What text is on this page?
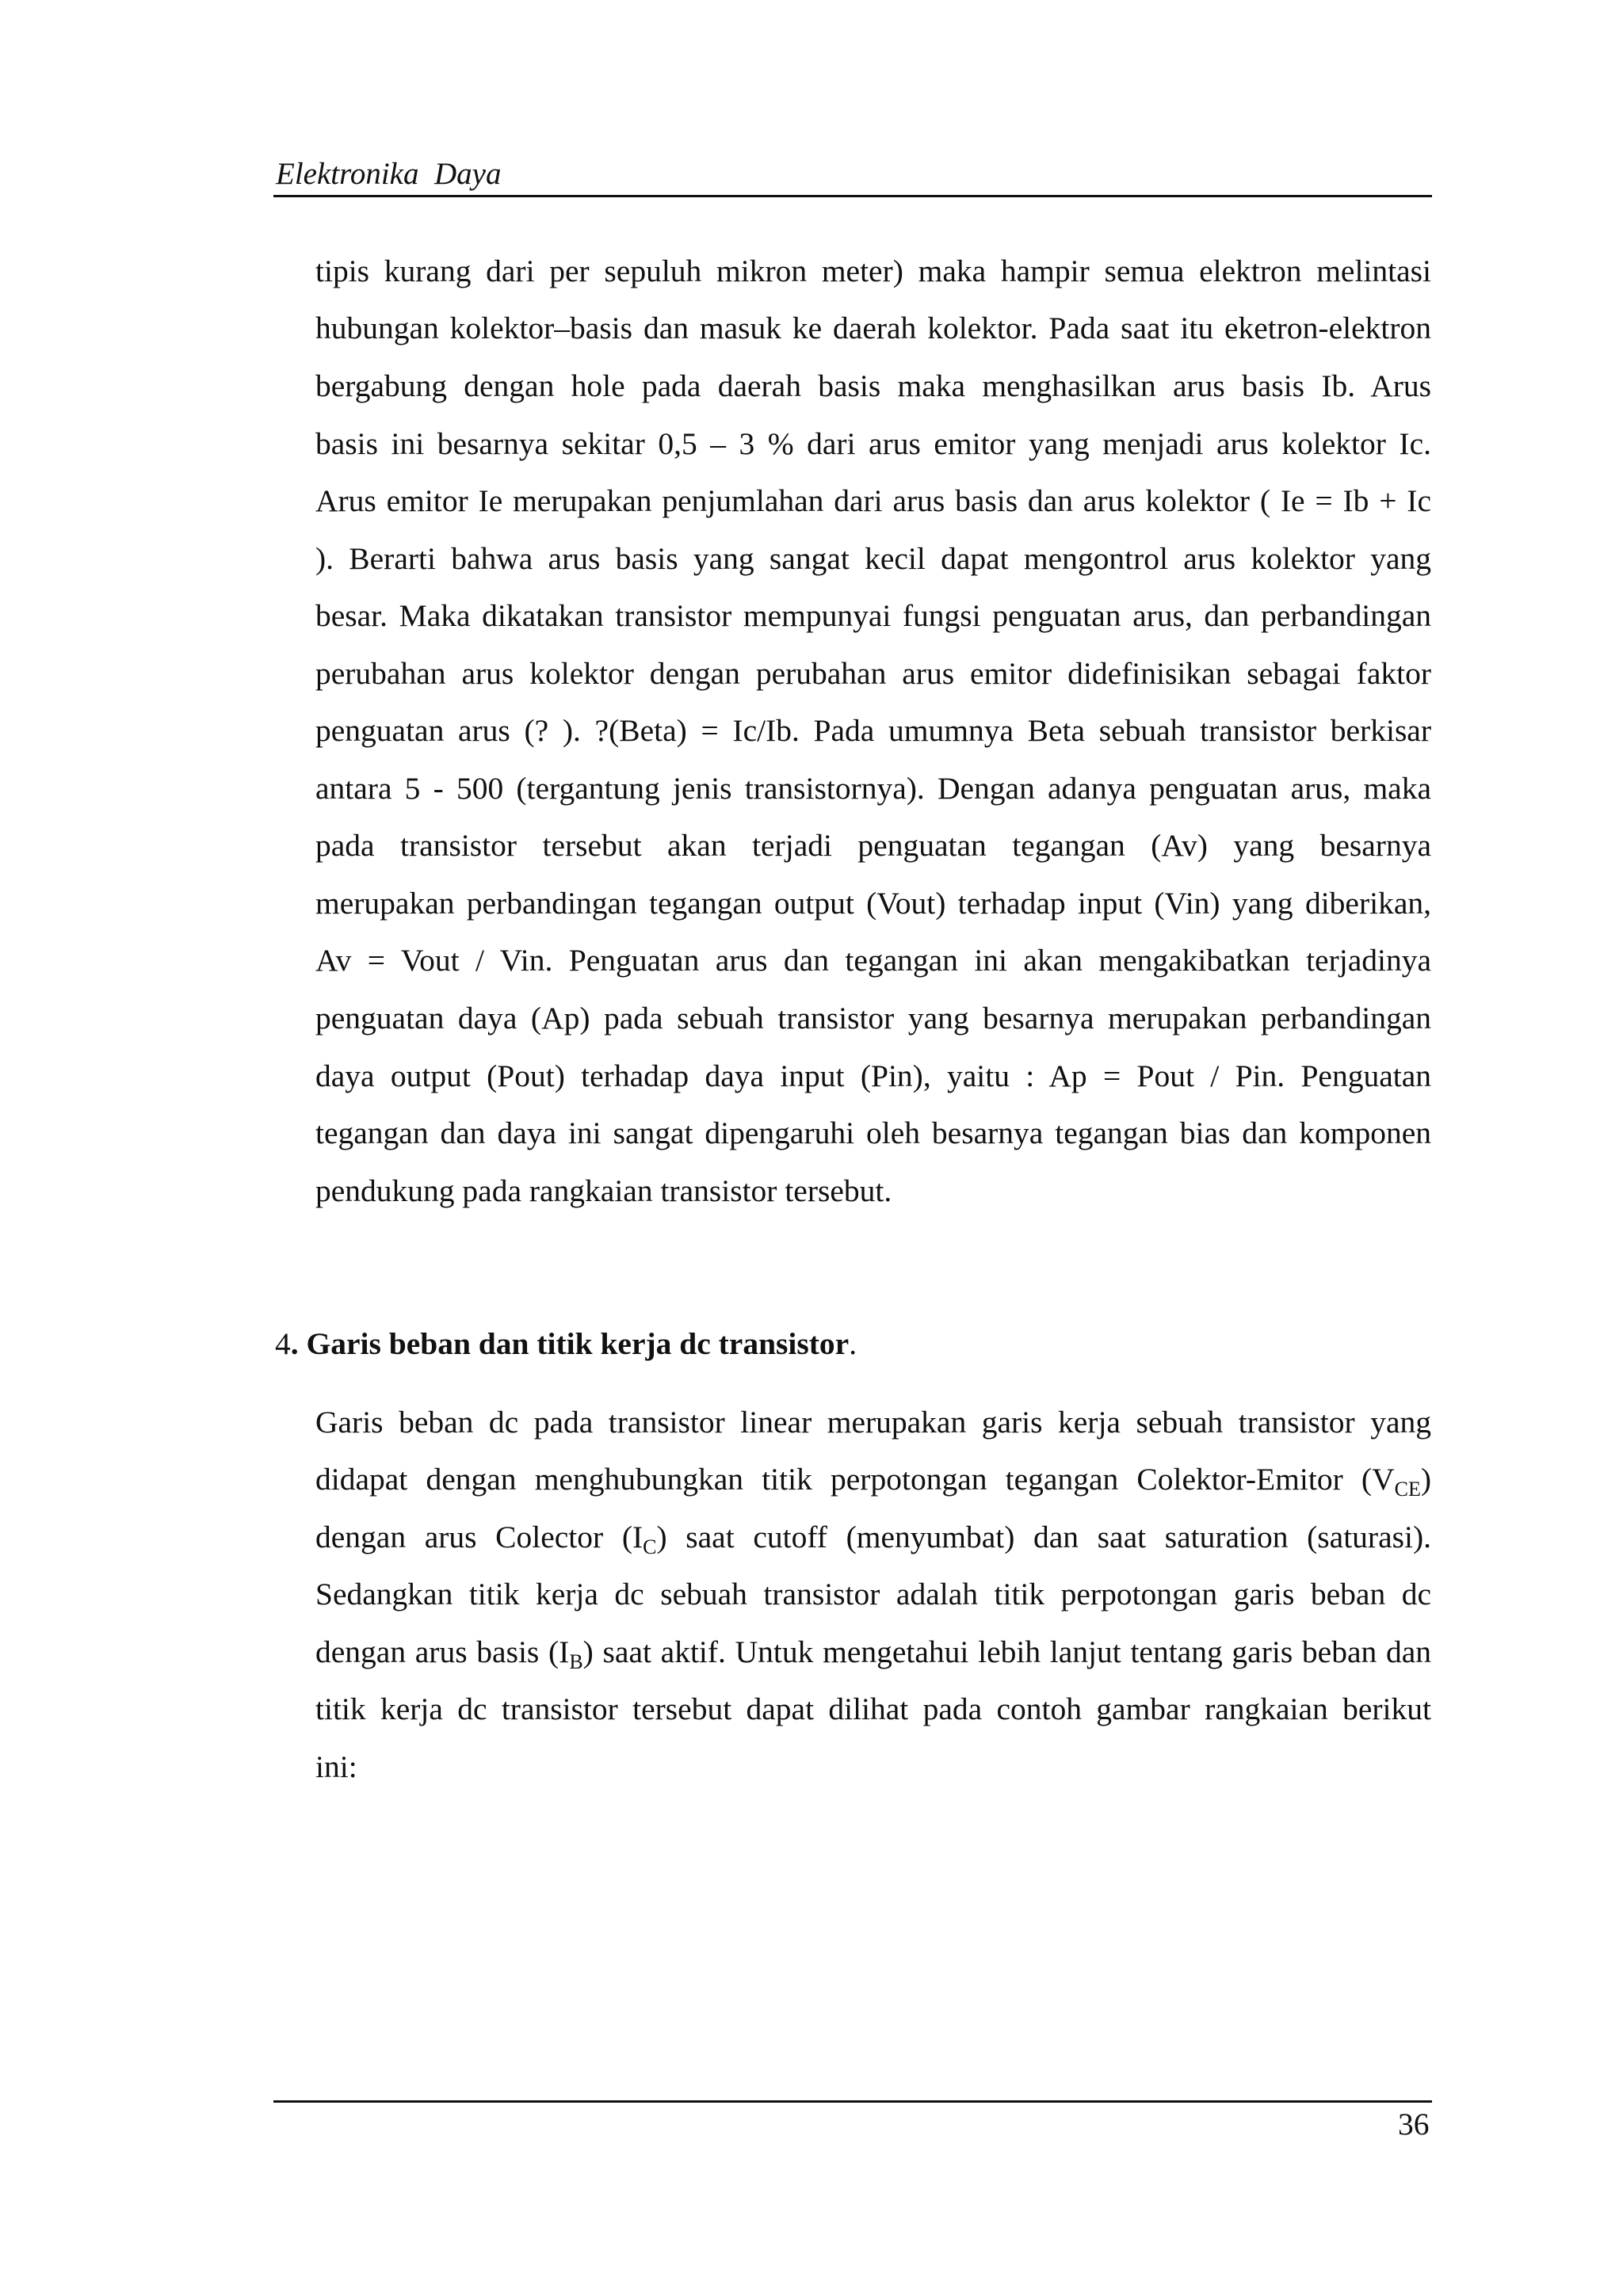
Elektronika  Daya
tipis kurang dari per sepuluh mikron meter) maka hampir semua elektron melintasi
hubungan kolektor–basis dan masuk ke daerah kolektor. Pada saat itu eketron-elektron
bergabung dengan hole pada daerah basis maka menghasilkan arus basis Ib. Arus
basis ini besarnya sekitar 0,5 – 3 % dari arus emitor yang menjadi arus kolektor Ic.
Arus emitor Ie merupakan penjumlahan dari arus basis dan arus kolektor ( Ie = Ib + Ic
). Berarti bahwa arus basis yang sangat kecil dapat mengontrol arus kolektor yang
besar. Maka dikatakan transistor mempunyai fungsi penguatan arus, dan perbandingan
perubahan arus kolektor dengan perubahan arus emitor didefinisikan sebagai faktor
penguatan arus (? ). ?(Beta) = Ic/Ib. Pada umumnya Beta sebuah transistor berkisar
antara 5 - 500 (tergantung jenis transistornya). Dengan adanya penguatan arus, maka
pada transistor tersebut akan terjadi penguatan tegangan (Av) yang besarnya
merupakan perbandingan tegangan output (Vout) terhadap input (Vin) yang diberikan,
Av = Vout / Vin. Penguatan arus dan tegangan ini akan mengakibatkan terjadinya
penguatan daya (Ap) pada sebuah transistor yang besarnya merupakan perbandingan
daya output (Pout) terhadap daya input (Pin), yaitu : Ap = Pout / Pin. Penguatan
tegangan dan daya ini sangat dipengaruhi oleh besarnya tegangan bias dan komponen
pendukung pada rangkaian transistor tersebut.
4. Garis beban dan titik kerja dc transistor.
Garis beban dc pada transistor linear merupakan garis kerja sebuah transistor yang
didapat dengan menghubungkan titik perpotongan tegangan Colektor-Emitor $(V_{CE})$
dengan arus Colector $(I_C)$ saat cutoff (menyumbat) dan saat saturation (saturasi).
Sedangkan titik kerja dc sebuah transistor adalah titik perpotongan garis beban dc
dengan arus basis $(I_B)$ saat aktif. Untuk mengetahui lebih lanjut tentang garis beban dan
titik kerja dc transistor tersebut dapat dilihat pada contoh gambar rangkaian berikut
ini:
36
